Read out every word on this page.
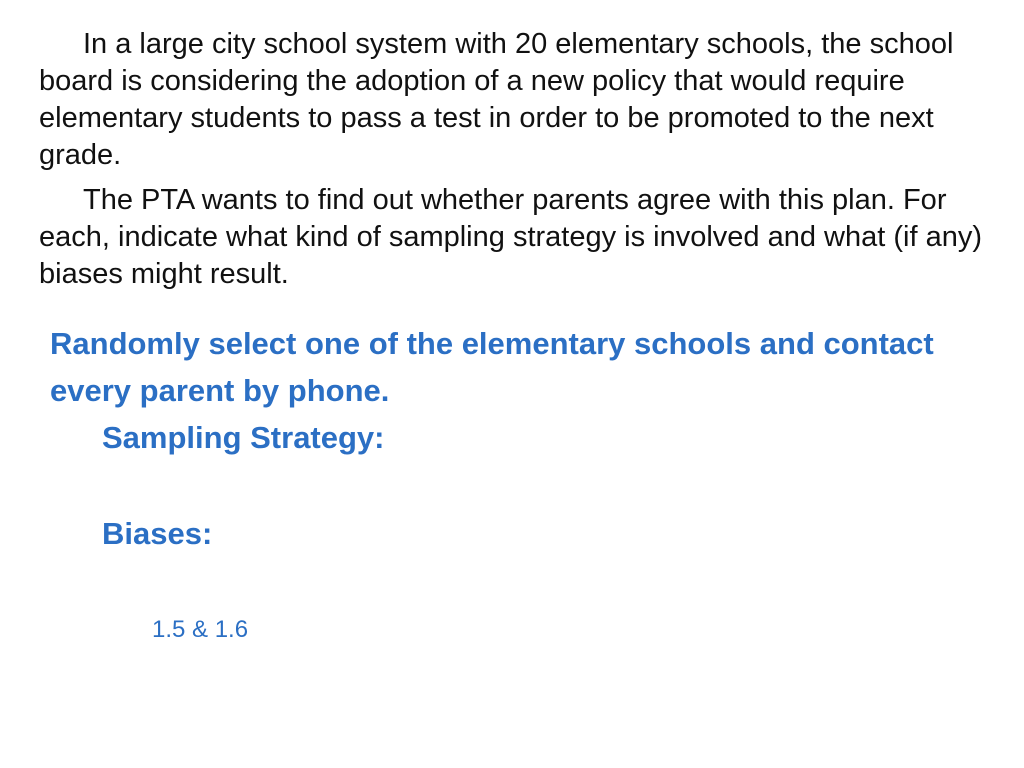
In a large city school system with 20 elementary schools, the school board is considering the adoption of a new policy that would require elementary students to pass a test in order to be promoted to the next grade.

The PTA wants to find out whether parents agree with this plan. For each, indicate what kind of sampling strategy is involved and what (if any) biases might result.

Randomly select one of the elementary schools and contact every parent by phone.
Sampling Strategy:
Biases:
1.5 & 1.6
